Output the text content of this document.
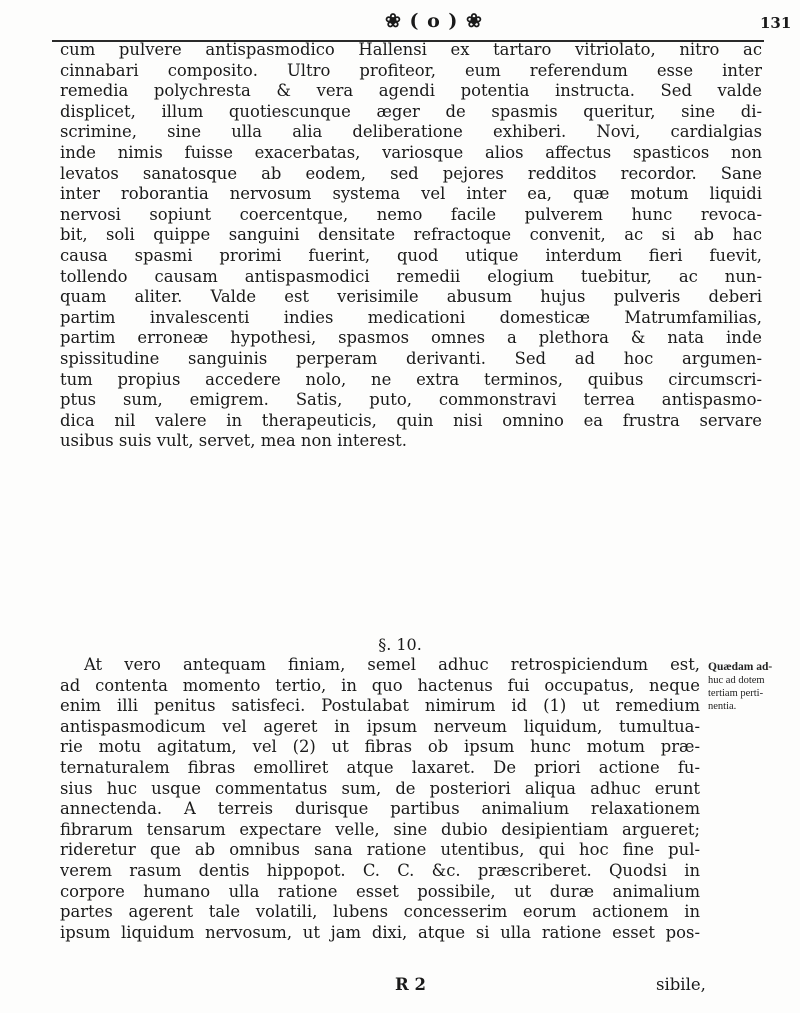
❀ ( o ) ❀	131
cum pulvere antispasmodico Hallensi ex tartaro vitriolato, nitro ac
cinnabari compositο. Ultro profiteor, eum referendum esse inter
remedia polychresta & vera agendi potentia instructa. Sed valde
displicet, illum quotiescunque æger de spasmis queritur, sine di-
scrimine, sine ulla alia deliberatione exhiberi. Novi, cardialgias
inde nimis fuisse exacerbatas, variosque alios affectus spasticos non
levatos sanatosque ab eodem, sed pejores redditos recordor. Sane
inter roborantia nervosum systema vel inter ea, quæ motum liquidi
nervosi sopiunt coercentque, nemo facile pulverem hunc revoca-
bit, soli quippe sanguini densitate refractoque convenit, ac si ab hac
causa spasmi prorimi fuerint, quod utique interdum fieri fuevit,
tollendo causam antispasmodici remedii elogium tuebitur, ac nun-
quam aliter. Valde est verisimile abusum hujus pulveris deberi
partim invalescenti indies medicationi domesticæ Matrumfamilias,
partim erroneæ hypothesi, spasmos omnes a plethora & nata inde
spissitudine sanguinis perperam derivanti. Sed ad hoc argumen-
tum propius accedere nolo, ne extra terminos, quibus circumscri-
ptus sum, emigrem. Satis, puto, commonstravi terrea antispasmo-
dica nil valere in therapeuticis, quin nisi omnino ea frustra servare
usibus suis vult, servet, mea non interest.
§. 10.
At vero antequam finiam, semel adhuc retrospiciendum est,
ad contenta momento tertio, in quo hactenus fui occupatus, neque
enim illi penitus satisfeci. Postulabat nimirum id (1) ut remedium
antispasmodicum vel ageret in ipsum nerveum liquidum, tumultua-
rie motu agitatum, vel (2) ut fibras ob ipsum hunc motum præ-
ternaturalem fibras emolliret atque laxaret. De priori actione fu-
sius huc usque commentatus sum, de posteriori aliqua adhuc erunt
annectenda. A terreis durisque partibus animalium relaxationem
fibrarum tensarum expectare velle, sine dubio desipientiam argueret;
rideretur que ab omnibus sana ratione utentibus, qui hoc fine pul-
verem rasum dentis hippopot. C. C. &c. præscriberet. Quodsi in
corpore humano ulla ratione esset possibile, ut duræ animalium
partes agerent tale volatili, lubens concesserim eorum actionem in
ipsum liquidum nervosum, ut jam dixi, atque si ulla ratione esset pos-
Quædam ad-
huc ad dotem
tertiam perti-
nentia.
R 2	sibile,
